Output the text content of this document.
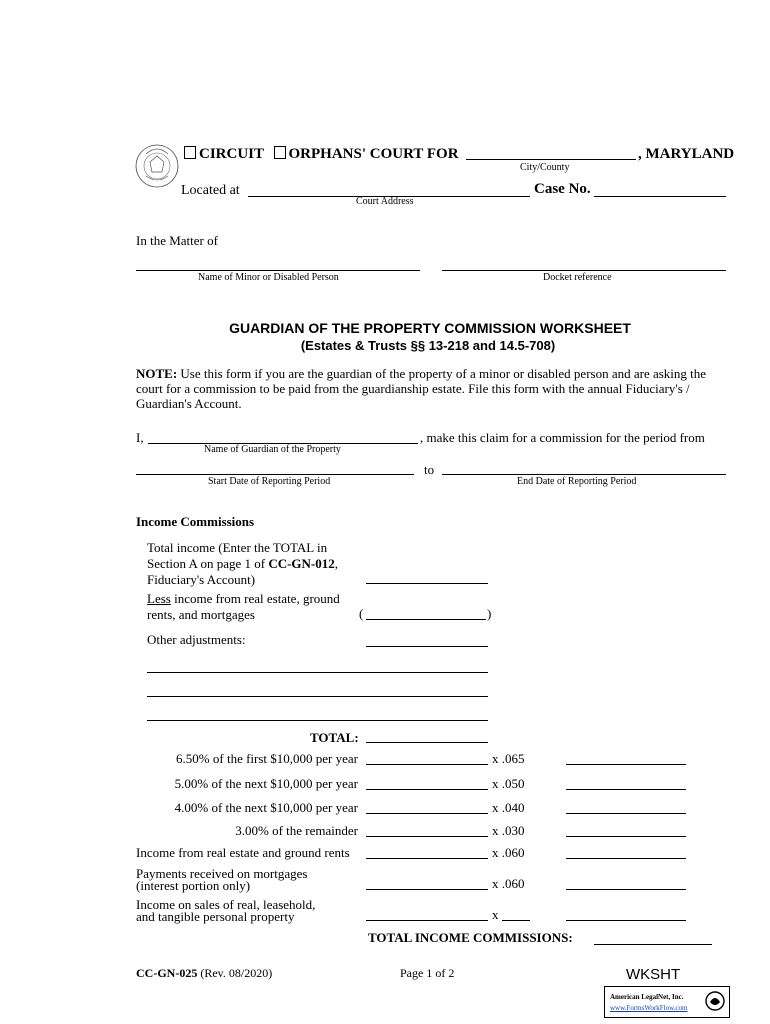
CIRCUIT ORPHANS' COURT FOR	, MARYLAND
City/County
Located at	Case No.
Court Address
In the Matter of
Name of Minor or Disabled Person	Docket reference
GUARDIAN OF THE PROPERTY COMMISSION WORKSHEET
(Estates & Trusts §§ 13-218 and 14.5-708)
NOTE: Use this form if you are the guardian of the property of a minor or disabled person and are asking the
court for a commission to be paid from the guardianship estate. File this form with the annual Fiduciary's /
Guardian's Account.
I,	, make this claim for a commission for the period from
Name of Guardian of the Property
to
Start Date of Reporting Period	End Date of Reporting Period
Income Commissions
Total income (Enter the TOTAL in
Section A on page 1 of CC-GN-012,
Fiduciary's Account)
Less income from real estate, ground
rents, and mortgages	(	)
Other adjustments:
TOTAL:
6.50% of the first $10,000 per year	x .065
5.00% of the next $10,000 per year	x .050
4.00% of the next $10,000 per year	x .040
3.00% of the remainder	x .030
Income from real estate and ground rents	x .060
Payments received on mortgages
(interest portion only)	x .060
Income on sales of real, leasehold,
and tangible personal property	x
TOTAL INCOME COMMISSIONS:
CC-GN-025 (Rev. 08/2020)	Page 1 of 2	WKSHT
American LegalNet, Inc.
www.FormsWorkFlow.com
